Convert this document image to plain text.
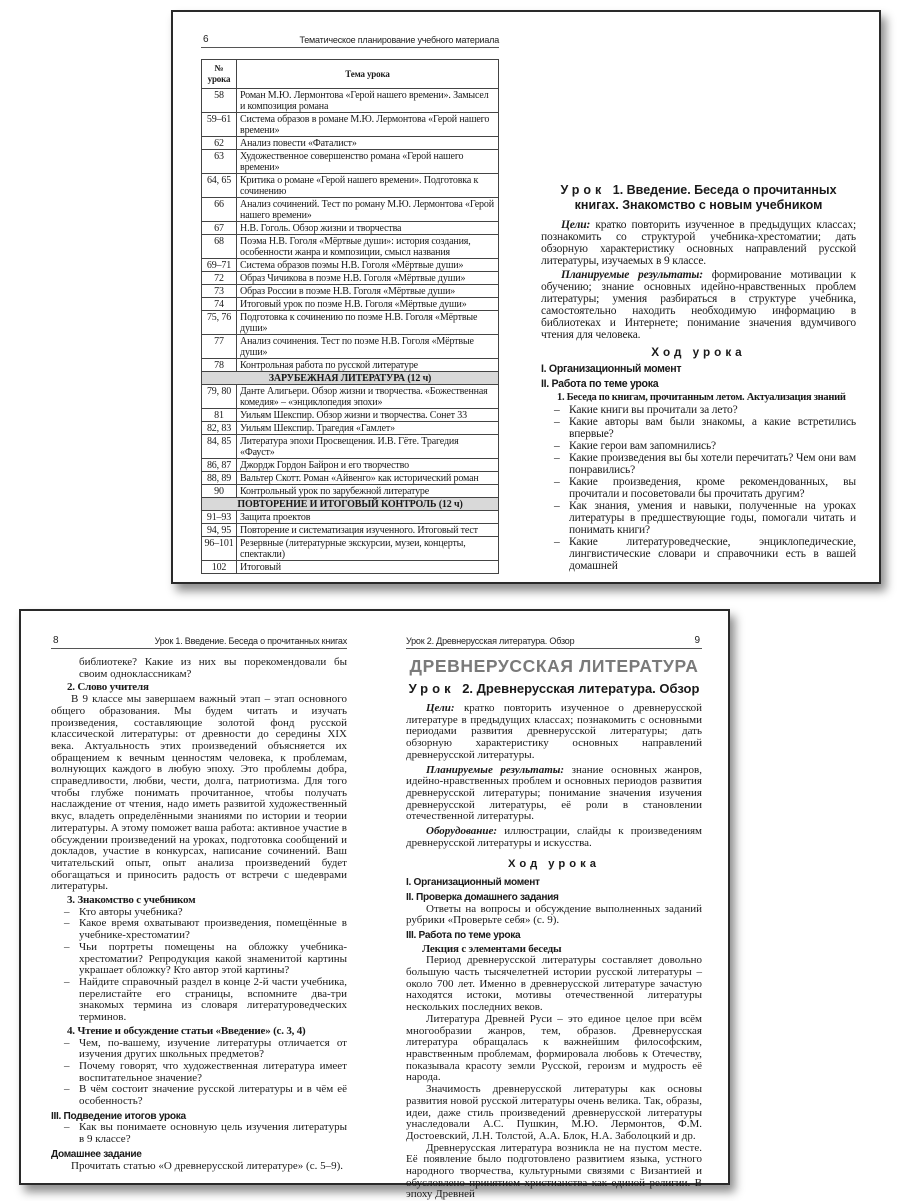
6	Тематическое планирование учебного материала
№ урока	Тема урока
58	Роман М.Ю. Лермонтова «Герой нашего времени». Замысел и композиция романа
59–61	Система образов в романе М.Ю. Лермонтова «Герой нашего времени»
62	Анализ повести «Фаталист»
63	Художественное совершенство романа «Герой нашего времени»
64, 65	Критика о романе «Герой нашего времени». Подготовка к сочинению
66	Анализ сочинений. Тест по роману М.Ю. Лермонтова «Герой нашего времени»
67	Н.В. Гоголь. Обзор жизни и творчества
68	Поэма Н.В. Гоголя «Мёртвые души»: история создания, особенности жанра и композиции, смысл названия
69–71	Система образов поэмы Н.В. Гоголя «Мёртвые души»
72	Образ Чичикова в поэме Н.В. Гоголя «Мёртвые души»
73	Образ России в поэме Н.В. Гоголя «Мёртвые души»
74	Итоговый урок по поэме Н.В. Гоголя «Мёртвые души»
75, 76	Подготовка к сочинению по поэме Н.В. Гоголя «Мёртвые души»
77	Анализ сочинения. Тест по поэме Н.В. Гоголя «Мёртвые души»
78	Контрольная работа по русской литературе
ЗАРУБЕЖНАЯ ЛИТЕРАТУРА (12 ч)	
79, 80	Данте Алигьери. Обзор жизни и творчества. «Божественная комедия» – «энциклопедия эпохи»
81	Уильям Шекспир. Обзор жизни и творчества. Сонет 33
82, 83	Уильям Шекспир. Трагедия «Гамлет»
84, 85	Литература эпохи Просвещения. И.В. Гёте. Трагедия «Фауст»
86, 87	Джордж Гордон Байрон и его творчество
88, 89	Вальтер Скотт. Роман «Айвенго» как исторический роман
90	Контрольный урок по зарубежной литературе
ПОВТОРЕНИЕ И ИТОГОВЫЙ КОНТРОЛЬ (12 ч)	
91–93	Защита проектов
94, 95	Повторение и систематизация изученного. Итоговый тест
96–101	Резервные (литературные экскурсии, музеи, концерты, спектакли)
102	Итоговый
Урок 1. Введение. Беседа о прочитанных книгах. Знакомство с новым учебником

Цели: кратко повторить изученное в предыдущих классах; познакомить со структурой учебника-хрестоматии; дать обзорную характеристику основных направлений русской литературы, изучаемых в 9 классе.

Планируемые результаты: формирование мотивации к обучению; знание основных идейно-нравственных проблем литературы; умения разбираться в структуре учебника, самостоятельно находить необходимую информацию в библиотеках и Интернете; понимание значения вдумчивого чтения для человека.

Ход урока
I. Организационный момент
II. Работа по теме урока
1. Беседа по книгам, прочитанным летом. Актуализация знаний
– Какие книги вы прочитали за лето?
– Какие авторы вам были знакомы, а какие встретились впервые?
– Какие герои вам запомнились?
– Какие произведения вы бы хотели перечитать? Чем они вам понравились?
– Какие произведения, кроме рекомендованных, вы прочитали и посоветовали бы прочитать другим?
– Как знания, умения и навыки, полученные на уроках литературы в предшествующие годы, помогали читать и понимать книги?
– Какие литературоведческие, энциклопедические, лингвистические словари и справочники есть в вашей домашней
8	Урок 1. Введение. Беседа о прочитанных книгах
библиотеке? Какие из них вы порекомендовали бы своим одноклассникам?
2. Слово учителя

В 9 классе мы завершаем важный этап – этап основного общего образования. Мы будем читать и изучать произведения, составляющие золотой фонд русской классической литературы: от древности до середины XIX века. Актуальность этих произведений объясняется их обращением к вечным ценностям человека, к проблемам, волнующих каждого в любую эпоху. Это проблемы добра, справедливости, любви, чести, долга, патриотизма. Для того чтобы глубже понимать прочитанное, чтобы получать наслаждение от чтения, надо иметь развитой художественный вкус, владеть определёнными знаниями по истории и теории литературы. А этому поможет ваша работа: активное участие в обсуждении произведений на уроках, подготовка сообщений и докладов, участие в конкурсах, написание сочинений. Ваш читательский опыт, опыт анализа произведений будет обогащаться и приносить радость от встречи с шедеврами литературы.

3. Знакомство с учебником
– Кто авторы учебника?
– Какое время охватывают произведения, помещённые в учебнике-хрестоматии?
– Чьи портреты помещены на обложку учебника-хрестоматии? Репродукция какой знаменитой картины украшает обложку? Кто автор этой картины?
– Найдите справочный раздел в конце 2-й части учебника, перелистайте его страницы, вспомните два-три знакомых термина из словаря литературоведческих терминов.
4. Чтение и обсуждение статьи «Введение» (с. 3, 4)
– Чем, по-вашему, изучение литературы отличается от изучения других школьных предметов?
– Почему говорят, что художественная литература имеет воспитательное значение?
– В чём состоит значение русской литературы и в чём её особенность?
III. Подведение итогов урока
– Как вы понимаете основную цель изучения литературы в 9 классе?
Домашнее задание

Прочитать статью «О древнерусской литературе» (с. 5–9).

9
Урок 2. Древнерусская литература. Обзор
ДРЕВНЕРУССКАЯ ЛИТЕРАТУРА
Урок 2. Древнерусская литература. Обзор

Цели: кратко повторить изученное о древнерусской литературе в предыдущих классах; познакомить с основными периодами развития древнерусской литературы; дать обзорную характеристику основных направлений древнерусской литературы.

Планируемые результаты: знание основных жанров, идейно-нравственных проблем и основных периодов развития древнерусской литературы; понимание значения изучения древнерусской литературы, её роли в становлении отечественной литературы.

Оборудование: иллюстрации, слайды к произведениям древнерусской литературы и искусства.

Ход урока
I. Организационный момент
II. Проверка домашнего задания

Ответы на вопросы и обсуждение выполненных заданий рубрики «Проверьте себя» (с. 9).

III. Работа по теме урока
Лекция с элементами беседы

Период древнерусской литературы составляет довольно большую часть тысячелетней истории русской литературы – около 700 лет. Именно в древнерусской литературе зачастую находятся истоки, мотивы отечественной литературы нескольких последних веков.

Литература Древней Руси – это единое целое при всём многообразии жанров, тем, образов. Древнерусская литература обращалась к важнейшим философским, нравственным проблемам, формировала любовь к Отечеству, показывала красоту земли Русской, героизм и мудрость её народа.

Значимость древнерусской литературы как основы развития новой русской литературы очень велика. Так, образы, идеи, даже стиль произведений древнерусской литературы унаследовали А.С. Пушкин, М.Ю. Лермонтов, Ф.М. Достоевский, Л.Н. Толстой, А.А. Блок, Н.А. Заболоцкий и др.

Древнерусская литература возникла не на пустом месте. Её появление было подготовлено развитием языка, устного народного творчества, культурными связями с Византией и обусловлено принятием христианства как единой религии. В эпоху Древней
